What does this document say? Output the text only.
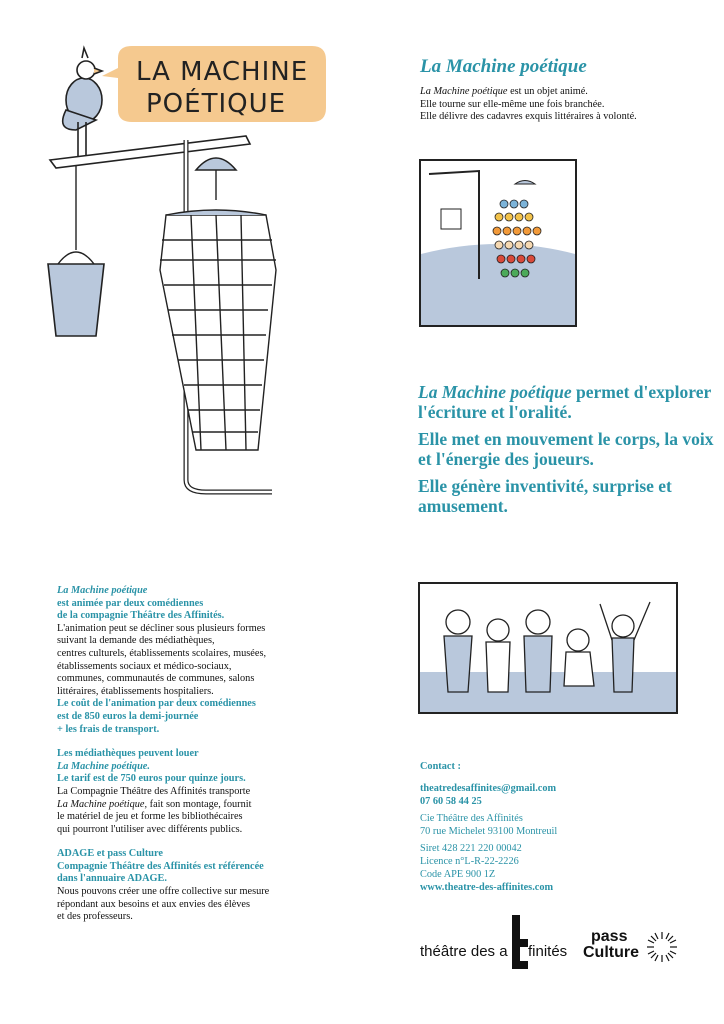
LA MACHINE
POÉTIQUE
La Machine poétique
La Machine poétique est un objet animé.
Elle tourne sur elle-même une fois branchée.
Elle délivre des cadavres exquis littéraires à volonté.

La Machine poétique permet d'explorer l'écriture et l'oralité.

Elle met en mouvement le corps, la voix et l'énergie des joueurs.

Elle génère inventivité, surprise et amusement.

La Machine poétique

est animée par deux comédiennes

de la compagnie Théâtre des Affinités.

L'animation peut se décliner sous plusieurs formes

suivant la demande des médiathèques,

centres culturels, établissements scolaires, musées,

établissements sociaux et médico-sociaux,

communes, communautés de communes, salons

littéraires, établissements hospitaliers.

Le coût de l'animation par deux comédiennes

est de 850 euros la demi-journée

+ les frais de transport.

Les médiathèques peuvent louer

La Machine poétique.

Le tarif est de 750 euros pour quinze jours.

La Compagnie Théâtre des Affinités transporte

La Machine poétique, fait son montage, fournit

le matériel de jeu et forme les bibliothécaires

qui pourront l'utiliser avec différents publics.

ADAGE et pass Culture

Compagnie Théâtre des Affinités est référencée

dans l'annuaire ADAGE.

Nous pouvons créer une offre collective sur mesure

répondant aux besoins et aux envies des élèves

et des professeurs.

Contact :

theatredesaffinites@gmail.com

07 60 58 44 25

Cie Théâtre des Affinités

70 rue Michelet 93100 Montreuil

Siret 428 221 220 00042

Licence n°L-R-22-2226

Code APE 900 1Z

www.theatre-des-affinites.com

théâtre des a finités
pass
Culture
